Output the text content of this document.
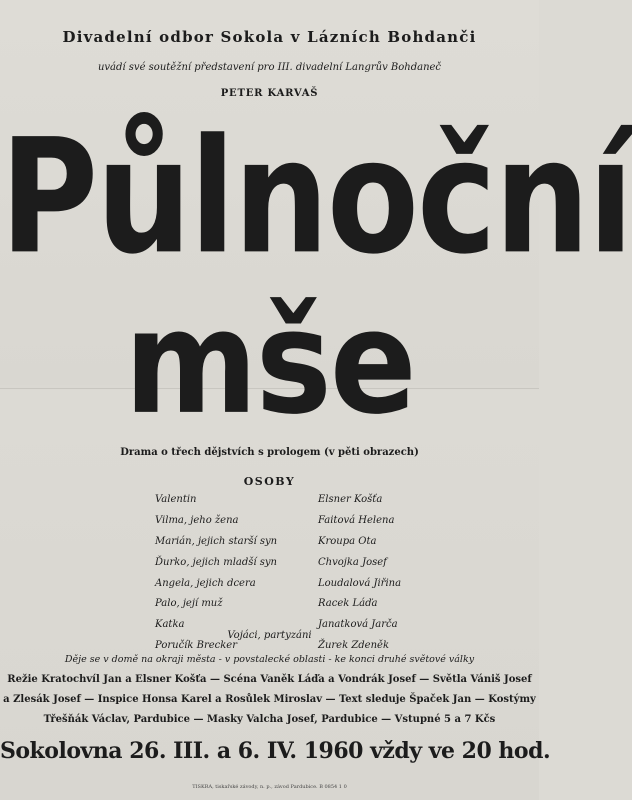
Divadelní odbor Sokola v Lázních Bohdanči
uvádí své soutěžní představení pro III. divadelní Langrův Bohdaneč
PETER KARVAŠ
Půlnoční
mše
Drama o třech dějstvích s prologem (v pěti obrazech)
OSOBY
Valentin	Elsner Košťa
Vilma, jeho žena	Faitová Helena
Marián, jejich starší syn	Kroupa Ota
Ďurko, jejich mladší syn	Chvojka Josef
Angela, jejich dcera	Loudalová Jiřina
Palo, její muž	Racek Láďa
Katka	Janatková Jarča
Poručík Brecker	Žurek Zdeněk
Vojáci, partyzáni
Děje se v domě na okraji města - v povstalecké oblasti - ke konci druhé světové války
Režie Kratochvíl Jan a Elsner Košťa — Scéna Vaněk Láďa a Vondrák Josef — Světla Vániš Josef
a Zlesák Josef — Inspice Honsa Karel a Rosůlek Miroslav — Text sleduje Špaček Jan — Kostýmy
Třešňák Václav, Pardubice — Masky Valcha Josef, Pardubice — Vstupné 5 a 7 Kčs
Sokolovna 26. III. a 6. IV. 1960 vždy ve 20 hod.
TISKRA, tiskařské závody, n. p., závod Pardubice. B 0854 1 0
